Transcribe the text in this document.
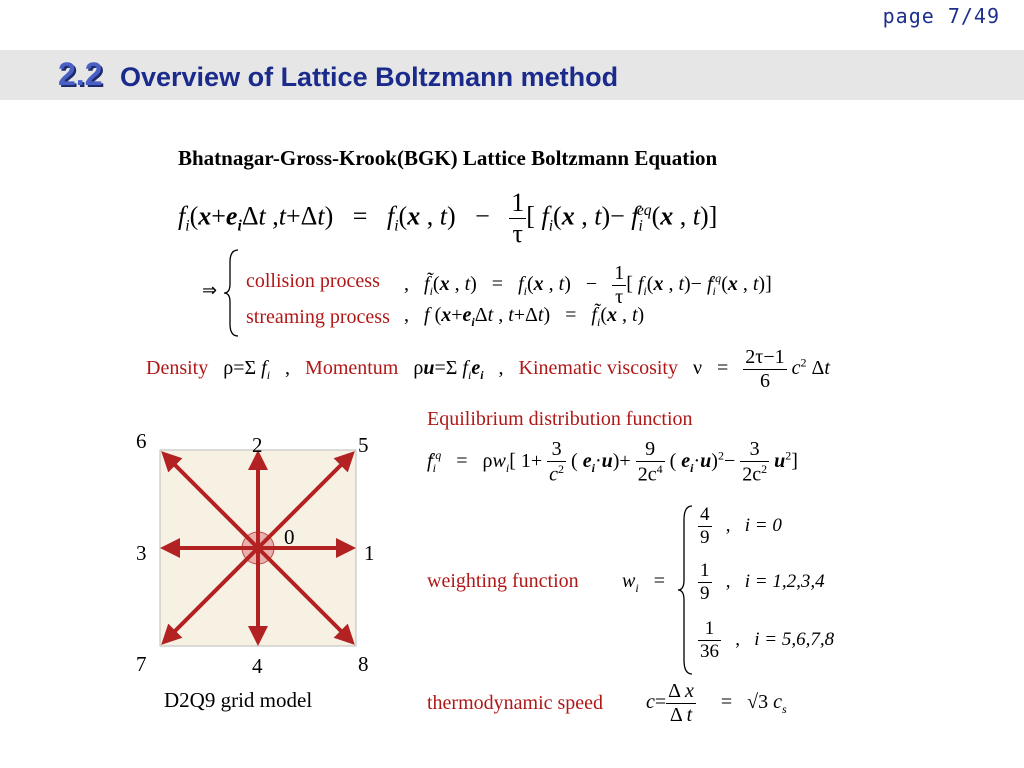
page 7/49
2.2 Overview of Lattice Boltzmann method
Bhatnagar-Gross-Krook(BGK) Lattice Boltzmann Equation
$f_i(x+e_i\Delta t$ $,t+\Delta t) = f_i(x$ , $t) - \frac{1}{\tau}$ [ $f_i(x$ , $t)- f_i^{eq}(x$ , t)]
⇒ collision process ,   $f̃_i(x$ , $t) = f_i(x$ , $t) - \frac{1}{\tau}$ [ $f_i(x$ , $t)- f_i^{eq}(x$ , t)]
streaming process ,   f ($x+e_i\Delta t$ , $t+\Delta t) = f̃_i(x$ , t)
Density   ρ=Σ $f_i$   ,   Momentum   ρu=Σ $f_ie_i$   ,   Kinematic viscosity   $\nu = \frac{2\tau-1}{6} c^2$ Δt
0
1
2
3
4
5
6
7	8
D2Q9 grid model
Equilibrium distribution function
$f_i^{eq} = \rho w_i$[ $1+ \frac{3}{c^2}$ ( $e_i\cdot u)+ \frac{9}{2c^4}$ ( $e_i\cdot u)^2- \frac{3}{2c^2} u^2$]
weighting function $w_i$   =
$\frac{4}{9}$ ,   i = 0
$\frac{1}{9}$ ,   i = 1,2,3,4
$\frac{1}{36}$ ,   i = 5,6,7,8
thermodynamic speed $c= \frac{\text{Δ x}}{\text{Δ t}} = √3$ $c_s$
